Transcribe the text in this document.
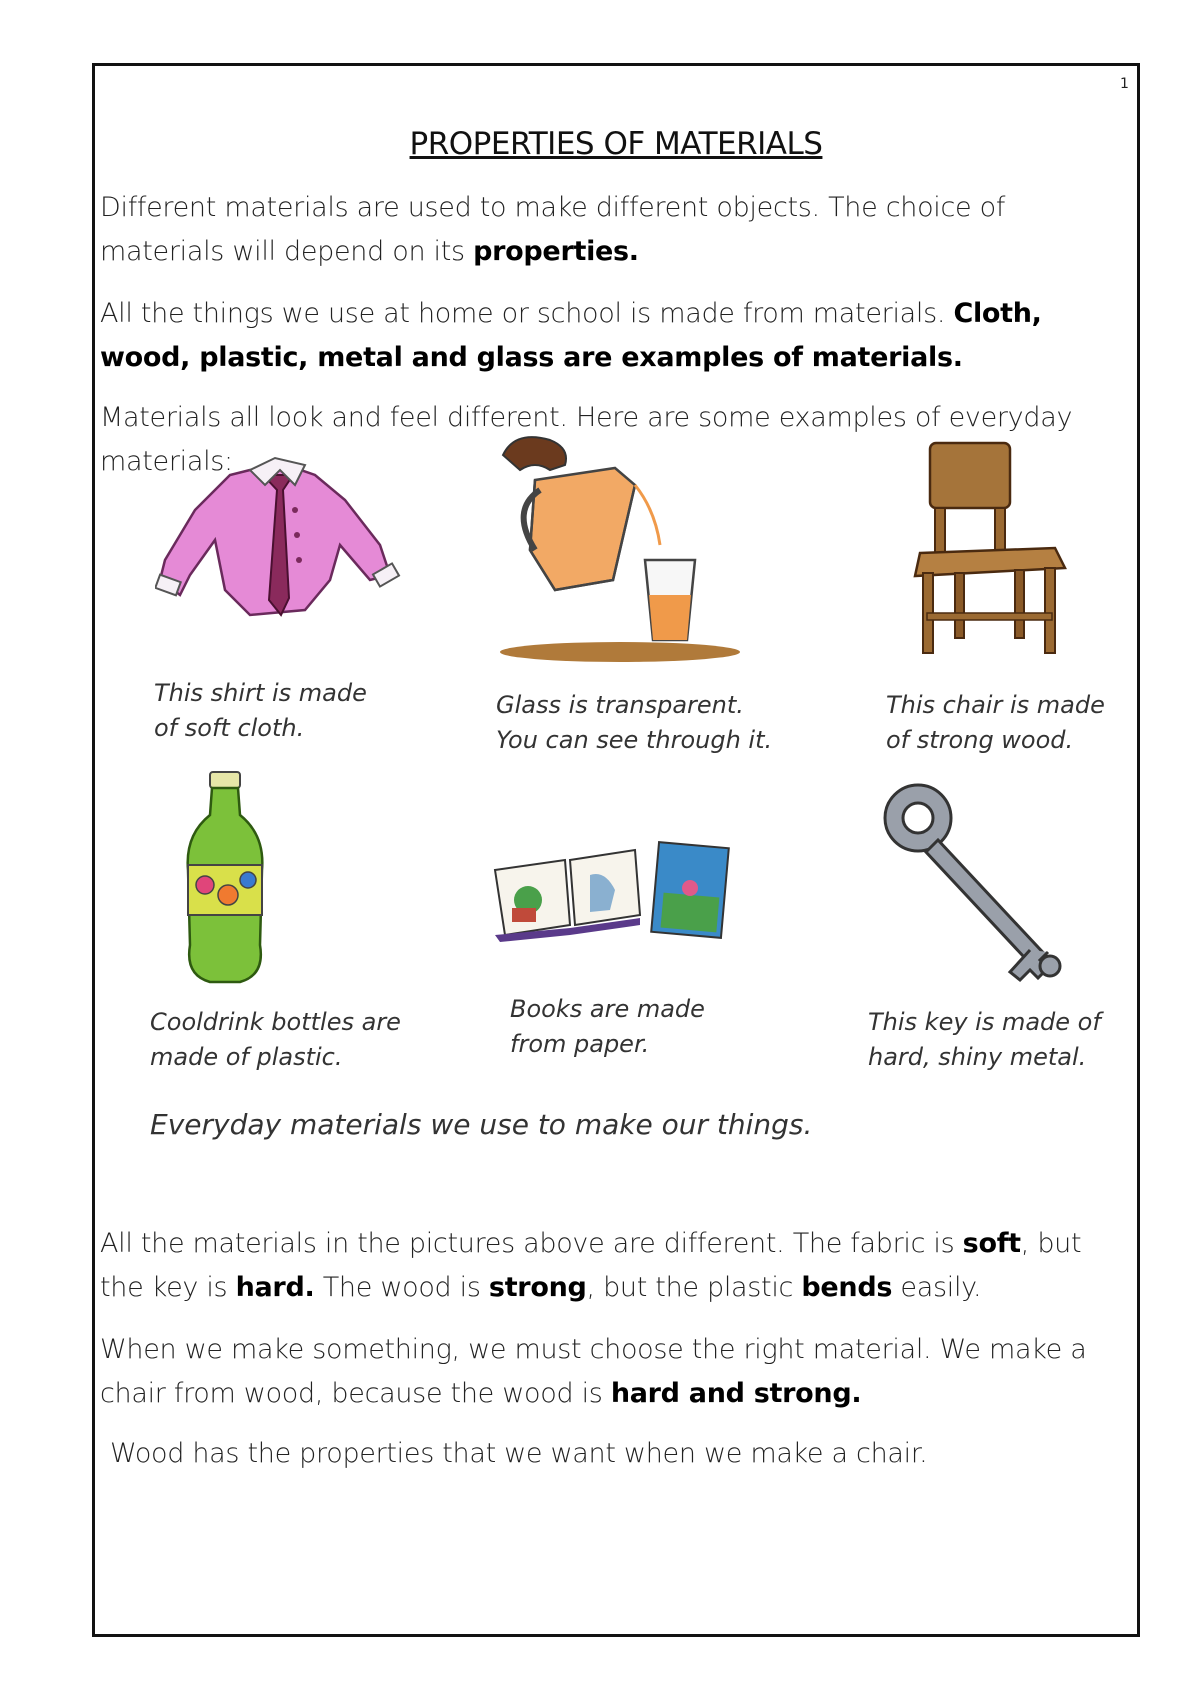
1
PROPERTIES OF MATERIALS
Different materials are used to make different objects. The choice of materials will depend on its properties.
All the things we use at home or school is made from materials. Cloth, wood, plastic, metal and glass are examples of materials.
Materials all look and feel different. Here are some examples of everyday materials:
This shirt is made
of soft cloth.
Glass is transparent.
You can see through it.
This chair is made
of strong wood.
Cooldrink bottles are
made of plastic.
Books are made
from paper.
This key is made of
hard, shiny metal.
Everyday materials we use to make our things.
All the materials in the pictures above are different. The fabric is soft, but the key is hard. The wood is strong, but the plastic bends easily.
When we make something, we must choose the right material. We make a chair from wood, because the wood is hard and strong.
Wood has the properties that we want when we make a chair.
